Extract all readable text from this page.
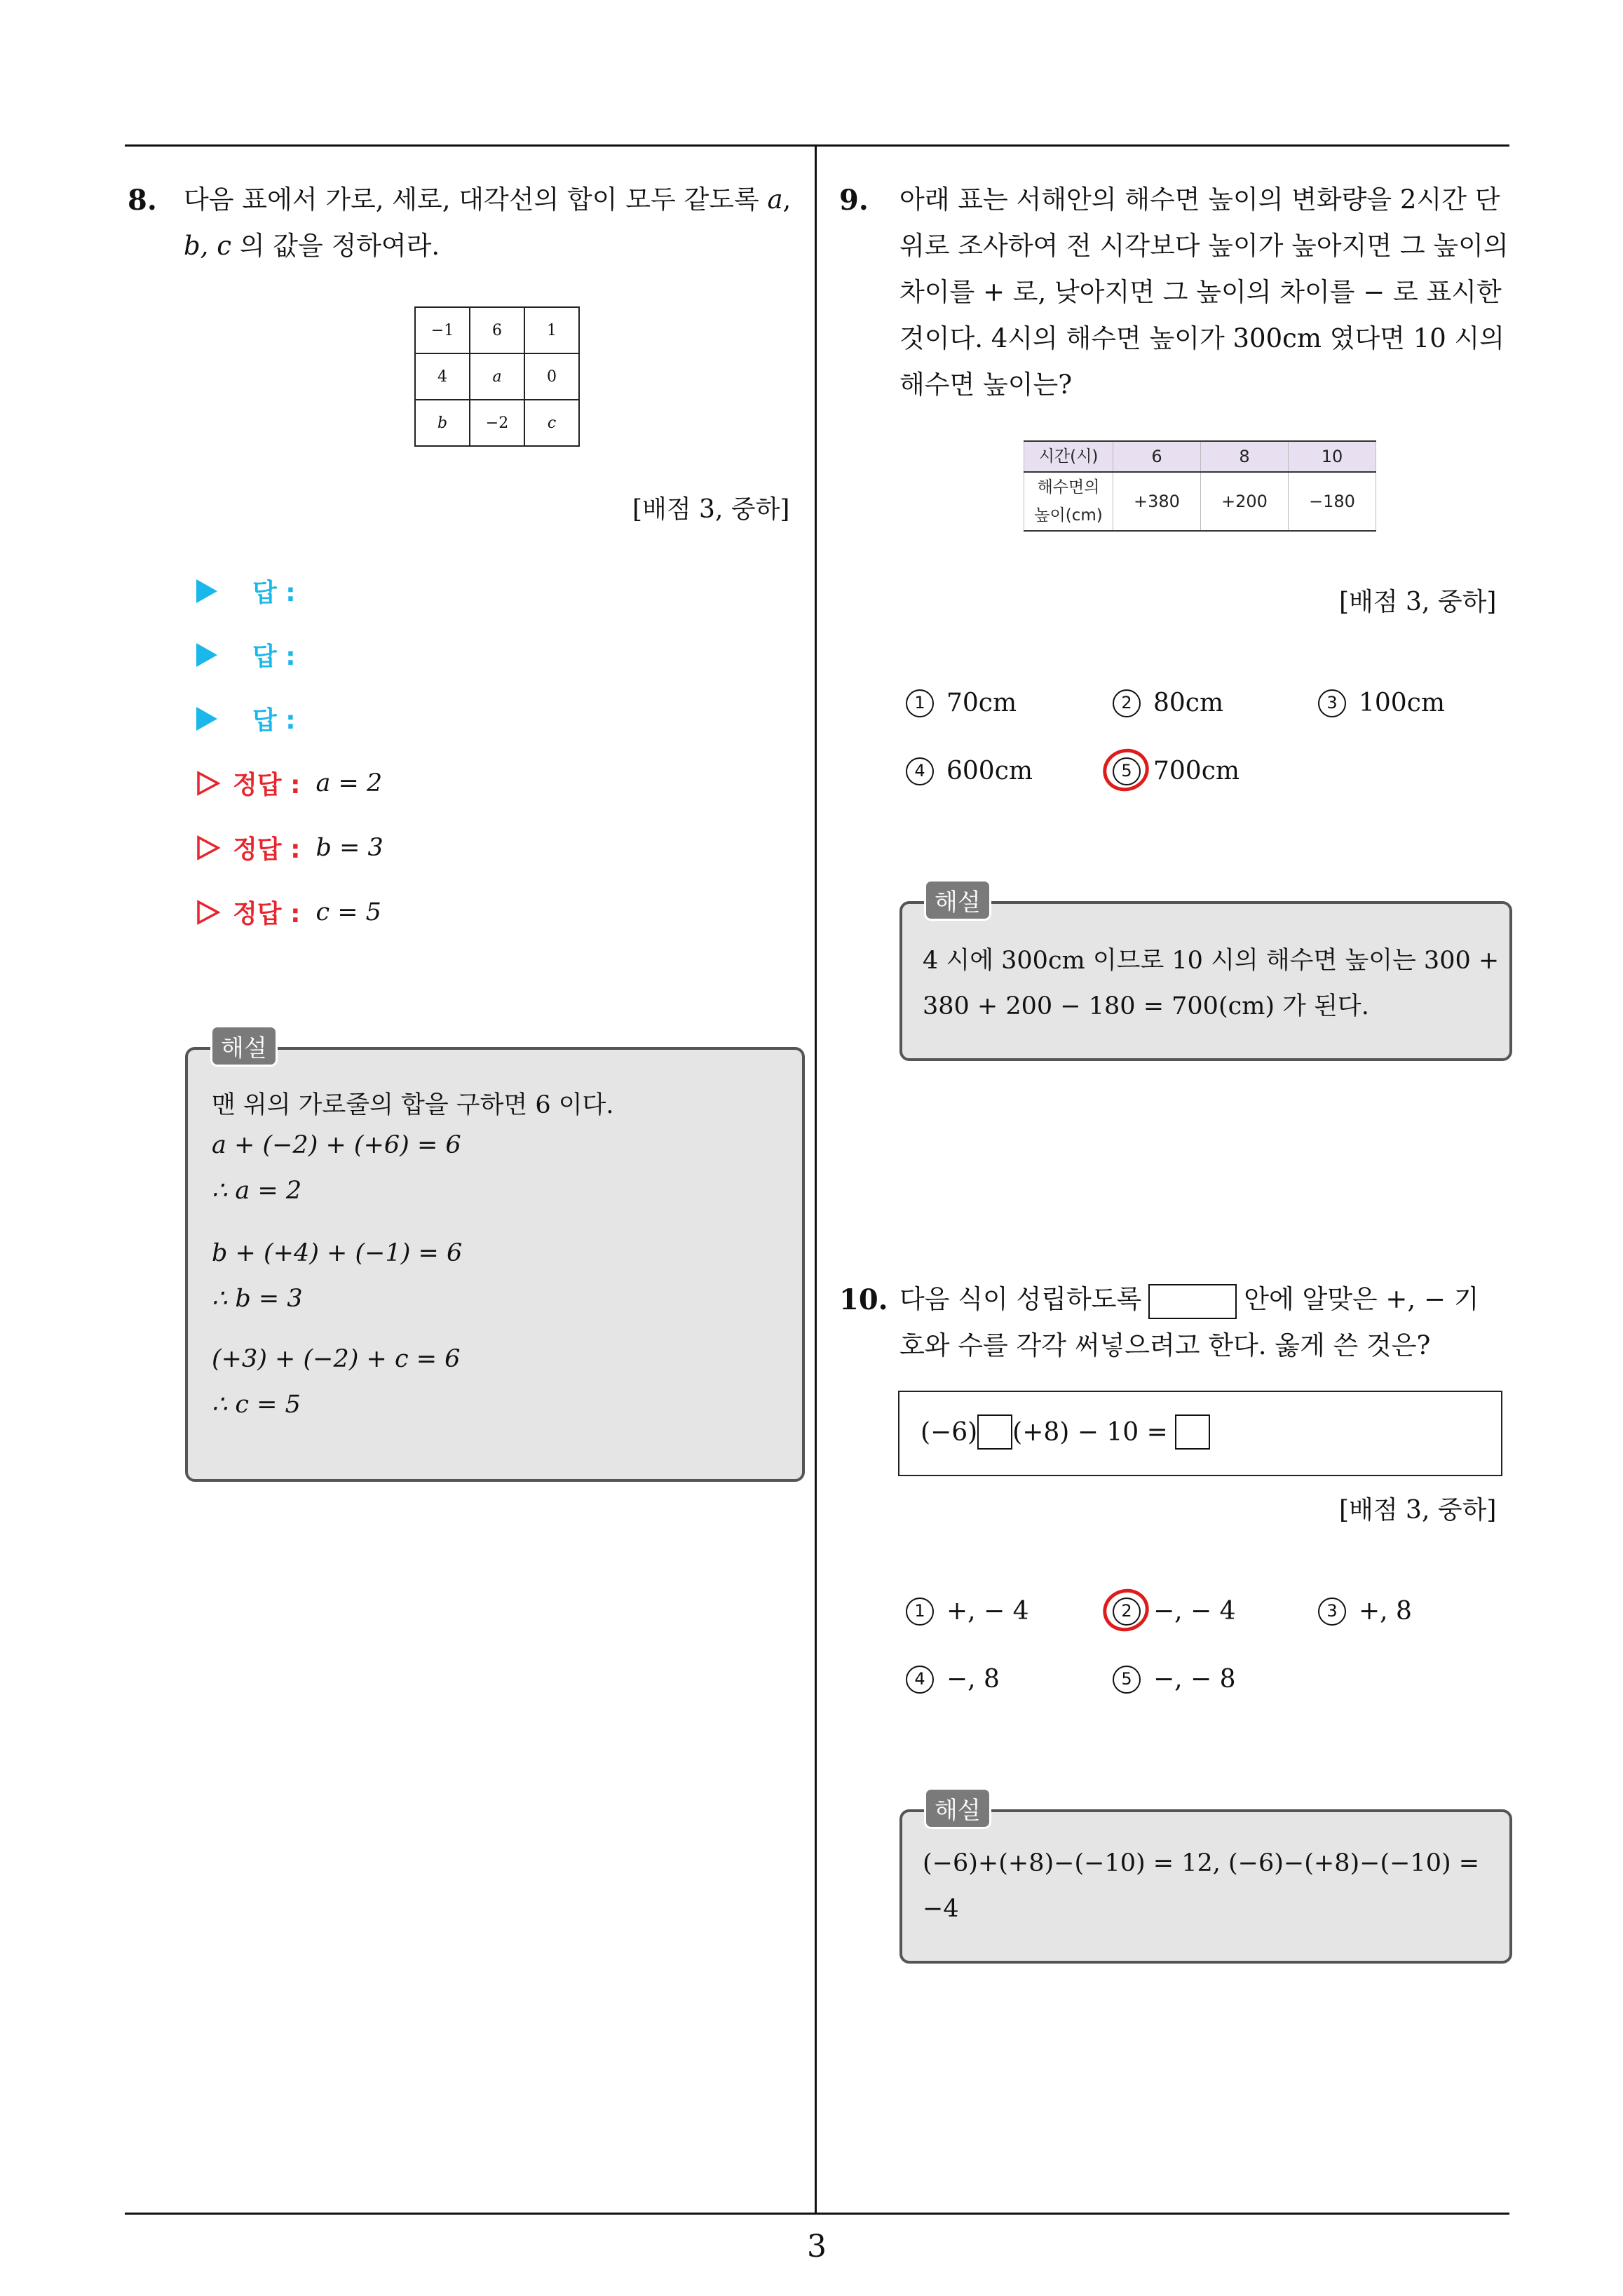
3
8. 다음 표에서 가로, 세로, 대각선의 합이 모두 같도록 a,
b, c 의 값을 정하여라.
−1	6	1
4	a	0
b	−2	c
[배점 3, 중하]
답 :
답 :
답 :
정답 : a = 2
정답 : b = 3
정답 : c = 5
해설
맨 위의 가로줄의 합을 구하면 6 이다.
a + (−2) + (+6) = 6
∴ a = 2
b + (+4) + (−1) = 6
∴ b = 3
(+3) + (−2) + c = 6
∴ c = 5
9. 아래 표는 서해안의 해수면 높이의 변화량을 2시간 단
위로 조사하여 전 시각보다 높이가 높아지면 그 높이의
차이를 + 로, 낮아지면 그 높이의 차이를 − 로 표시한
것이다. 4시의 해수면 높이가 300cm 였다면 10 시의
해수면 높이는?
시간(시)	6	8	10

해수면의
높이(cm)	+380	+200	−180
[배점 3, 중하]
1 70cm	2 80cm	3 100cm
4 600cm	5 700cm
해설
4 시에 300cm 이므로 10 시의 해수면 높이는 300 +
380 + 200 − 180 = 700(cm) 가 된다.
10. 다음 식이 성립하도록	안에 알맞은 +, − 기
호와 수를 각각 써넣으려고 한다. 옳게 쓴 것은?
(−6) (+8) − 10 =
[배점 3, 중하]
1 +, − 4	2 −, − 4	3 +, 8
4 −, 8	5 −, − 8
해설
(−6)+(+8)−(−10) = 12, (−6)−(+8)−(−10) =
−4
